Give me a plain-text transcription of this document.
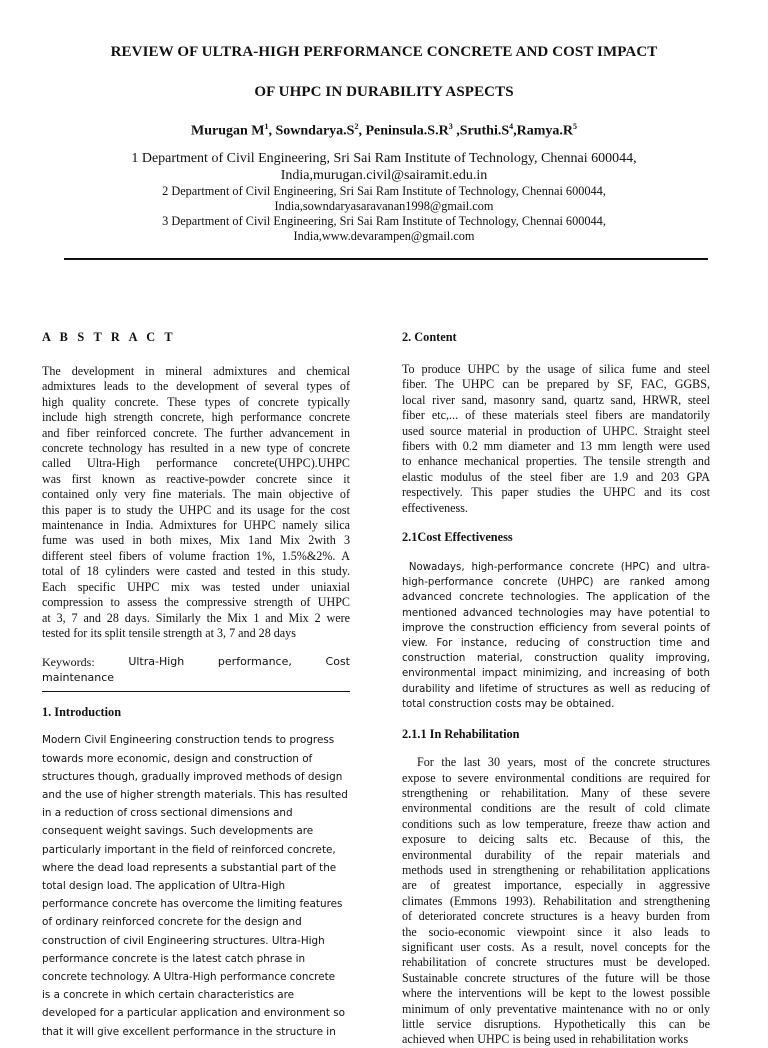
REVIEW OF ULTRA-HIGH PERFORMANCE CONCRETE AND COST IMPACT
OF UHPC IN DURABILITY ASPECTS
Murugan $M^1$, $Sowndarya.S^2$, $Peninsula.S.R^3$ $,Sruthi.S^4,Ramya.R^5$
1 Department of Civil Engineering, Sri Sai Ram Institute of Technology, Chennai 600044,
India,murugan.civil@sairamit.edu.in
2 Department of Civil Engineering, Sri Sai Ram Institute of Technology, Chennai 600044,
India,sowndaryasaravanan1998@gmail.com
3 Department of Civil Engineering, Sri Sai Ram Institute of Technology, Chennai 600044,
India,www.devarampen@gmail.com
A B S T R A C T
The development in mineral admixtures and chemical
admixtures leads to the development of several types of
high quality concrete. These types of concrete typically
include high strength concrete, high performance concrete
and fiber reinforced concrete. The further advancement in
concrete technology has resulted in a new type of concrete
called Ultra-High performance concrete(UHPC).UHPC
was first known as reactive-powder concrete since it
contained only very fine materials. The main objective of
this paper is to study the UHPC and its usage for the cost
maintenance in India. Admixtures for UHPC namely silica
fume was used in both mixes, Mix 1and Mix 2with 3
different steel fibers of volume fraction 1%, 1.5%&2%. A
total of 18 cylinders were casted and tested in this study.
Each specific UHPC mix was tested under uniaxial
compression to assess the compressive strength of UHPC
at 3, 7 and 28 days. Similarly the Mix 1 and Mix 2 were
tested for its split tensile strength at 3, 7 and 28 days
Keywords:	Ultra-High	performance,	Cost
maintenance
1. Introduction
Modern Civil Engineering construction tends to progress
towards more economic, design and construction of
structures though, gradually improved methods of design
and the use of higher strength materials. This has resulted
in a reduction of cross sectional dimensions and
consequent weight savings. Such developments are
particularly important in the field of reinforced concrete,
where the dead load represents a substantial part of the
total design load. The application of Ultra-High
performance concrete has overcome the limiting features
of ordinary reinforced concrete for the design and
construction of civil Engineering structures. Ultra-High
performance concrete is the latest catch phrase in
concrete technology. A Ultra-High performance concrete
is a concrete in which certain characteristics are
developed for a particular application and environment so
that it will give excellent performance in the structure in
2. Content
To produce UHPC by the usage of silica fume and steel
fiber. The UHPC can be prepared by SF, FAC, GGBS,
local river sand, masonry sand, quartz sand, HRWR, steel
fiber etc,... of these materials steel fibers are mandatorily
used source material in production of UHPC. Straight steel
fibers with 0.2 mm diameter and 13 mm length were used
to enhance mechanical properties. The tensile strength and
elastic modulus of the steel fiber are 1.9 and 203 GPA
respectively. This paper studies the UHPC and its cost
effectiveness.
2.1Cost Effectiveness
Nowadays, high-performance concrete (HPC) and ultra-
high-performance concrete (UHPC) are ranked among
advanced concrete technologies. The application of the
mentioned advanced technologies may have potential to
improve the construction efficiency from several points of
view. For instance, reducing of construction time and
construction material, construction quality improving,
environmental impact minimizing, and increasing of both
durability and lifetime of structures as well as reducing of
total construction costs may be obtained.
2.1.1 In Rehabilitation
For the last 30 years, most of the concrete structures
expose to severe environmental conditions are required for
strengthening or rehabilitation. Many of these severe
environmental conditions are the result of cold climate
conditions such as low temperature, freeze thaw action and
exposure to deicing salts etc. Because of this, the
environmental durability of the repair materials and
methods used in strengthening or rehabilitation applications
are of greatest importance, especially in aggressive
climates (Emmons 1993). Rehabilitation and strengthening
of deteriorated concrete structures is a heavy burden from
the socio-economic viewpoint since it also leads to
significant user costs. As a result, novel concepts for the
rehabilitation of concrete structures must be developed.
Sustainable concrete structures of the future will be those
where the interventions will be kept to the lowest possible
minimum of only preventative maintenance with no or only
little service disruptions. Hypothetically this can be
achieved when UHPC is being used in rehabilitation works
